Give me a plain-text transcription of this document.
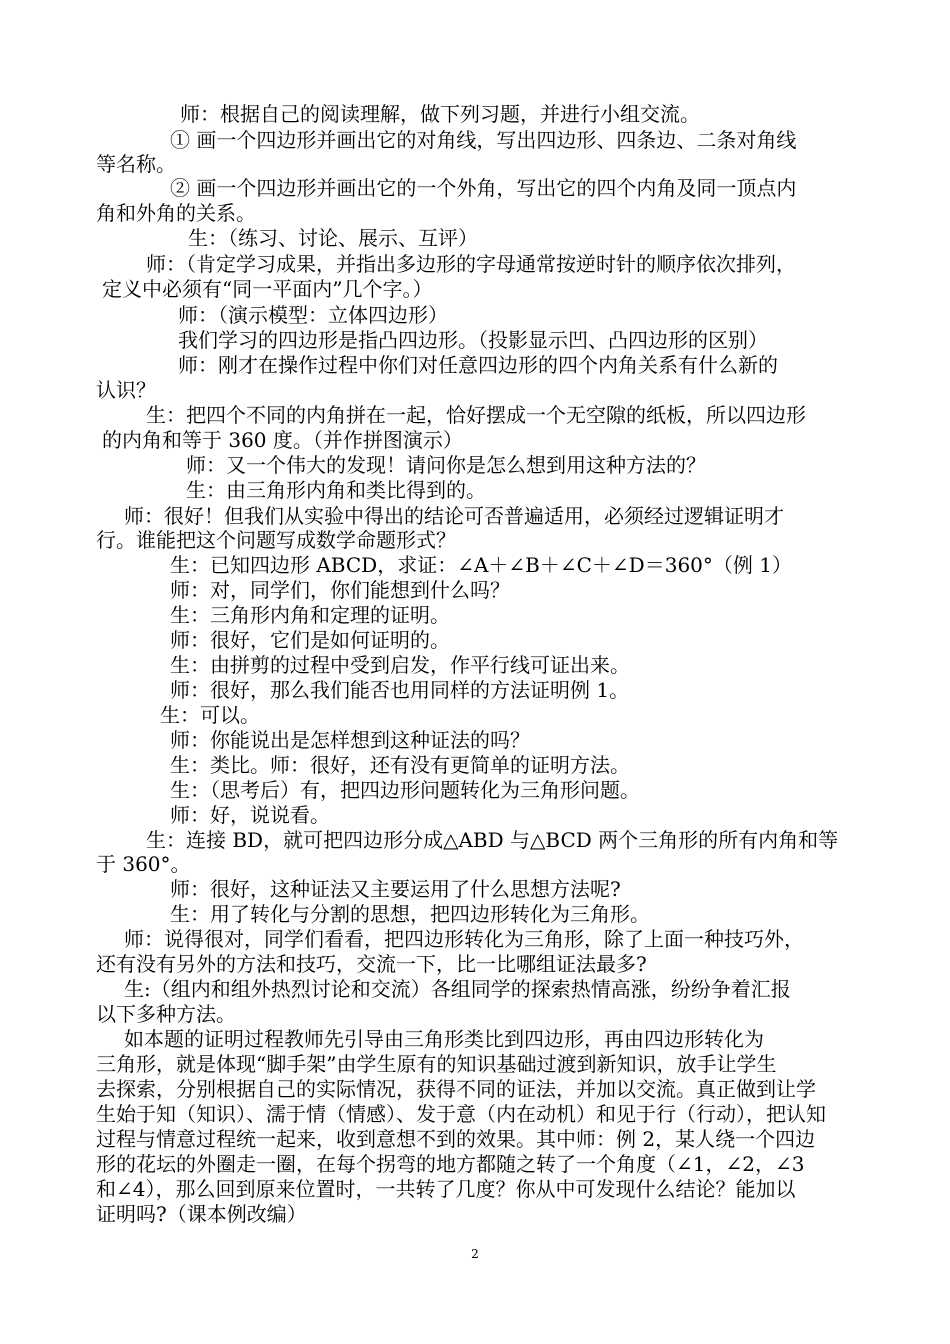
师：根据自己的阅读理解，做下列习题，并进行小组交流。
① 画一个四边形并画出它的对角线，写出四边形、四条边、二条对角线
等名称。
② 画一个四边形并画出它的一个外角，写出它的四个内角及同一顶点内
角和外角的关系。
生：（练习、讨论、展示、互评）
师：（肯定学习成果，并指出多边形的字母通常按逆时针的顺序依次排列，
定义中必须有“同一平面内”几个字。）
师：（演示模型：立体四边形）
我们学习的四边形是指凸四边形。（投影显示凹、凸四边形的区别）
师：刚才在操作过程中你们对任意四边形的四个内角关系有什么新的
认识？
生：把四个不同的内角拼在一起，恰好摆成一个无空隙的纸板，所以四边形
的内角和等于 360 度。（并作拼图演示）
师：又一个伟大的发现！请问你是怎么想到用这种方法的？
生：由三角形内角和类比得到的。
师：很好！但我们从实验中得出的结论可否普遍适用，必须经过逻辑证明才
行。谁能把这个问题写成数学命题形式？
生：已知四边形 ABCD，求证：∠A＋∠B＋∠C＋∠D＝360°（例 1）
师：对，同学们，你们能想到什么吗？
生：三角形内角和定理的证明。
师：很好，它们是如何证明的。
生：由拼剪的过程中受到启发，作平行线可证出来。
师：很好，那么我们能否也用同样的方法证明例 1。
生：可以。
师：你能说出是怎样想到这种证法的吗？
生：类比。师：很好，还有没有更简单的证明方法。
生：（思考后）有，把四边形问题转化为三角形问题。
师：好，说说看。
生：连接 BD，就可把四边形分成△ABD 与△BCD 两个三角形的所有内角和等
于 360°。
师：很好，这种证法又主要运用了什么思想方法呢?
生：用了转化与分割的思想，把四边形转化为三角形。
师：说得很对，同学们看看，把四边形转化为三角形，除了上面一种技巧外，
还有没有另外的方法和技巧，交流一下，比一比哪组证法最多?
生:（组内和组外热烈讨论和交流）各组同学的探索热情高涨，纷纷争着汇报
以下多种方法。
如本题的证明过程教师先引导由三角形类比到四边形，再由四边形转化为
三角形，就是体现“脚手架”由学生原有的知识基础过渡到新知识，放手让学生
去探索，分别根据自己的实际情况，获得不同的证法，并加以交流。真正做到让学
生始于知（知识）、濡于情（情感）、发于意（内在动机）和见于行（行动），把认知
过程与情意过程统一起来，收到意想不到的效果。其中师：例 2，某人绕一个四边
形的花坛的外圈走一圈，在每个拐弯的地方都随之转了一个角度（∠1，∠2，∠3
和∠4），那么回到原来位置时，一共转了几度？你从中可发现什么结论？能加以
证明吗?（课本例改编）
2
